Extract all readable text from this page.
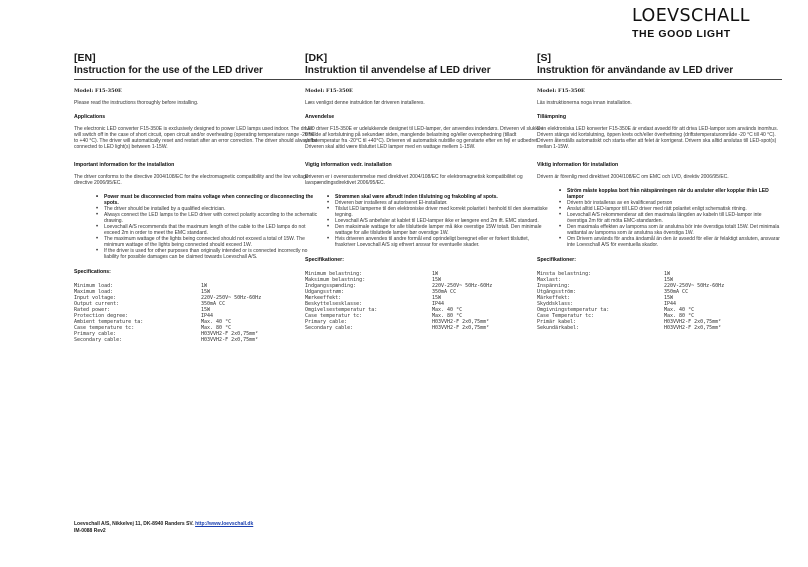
LOEVSCHALL
THE GOOD LIGHT
[EN]
Instruction for the use of the LED driver
Model: F15-350E
Please read the instructions thoroughly before installing.
Applications
The electronic LED converter F15-350E is exclusively designed to power LED lamps used indoor. The driver will switch off in the case of short circuit, open circuit and/or overheating (operating temperature range -20 °C to +40 °C). The driver will automatically reset and restart after an error correction. The driver should always be connected to LED light(s) between 1-15W.
Important information for the installation
The driver conforms to the directive 2004/108/EC for the electromagnetic compatibility and the low voltage directive 2006/95/EC.
• Power must be disconnected from mains voltage when connecting or disconnecting the spots.
• The driver should be installed by a qualified electrician.
• Always connect the LED lamps to the LED driver with correct polarity according to the schematic drawing.
• Loevschall A/S recommends that the maximum length of the cable to the LED lamps do not exceed 2m in order to meet the EMC standard.
• The maximum wattage of the lights being connected should not exceed a total of 15W. The minimum wattage of the lights being connected should exceed 1W.
• If the driver is used for other purposes than originally intended or is connected incorrectly no liability for possible damages can be claimed towards Loevschall A/S.
Specifications:
Minimum load:	1W
Maximum load:	15W
Input voltage:	220V-250V~ 50Hz-60Hz
Output current:	350mA CC
Rated power:	15W
Protection degree:	IP44
Ambient temperature ta:	Max. 40 °C
Case temperature tc:	Max. 80 °C
Primary cable:	H03VVH2-F 2x0,75mm²
Secondary cable:	H03VVH2-F 2x0,75mm²
[DK]
Instruktion til anvendelse af LED driver
Model: F15-350E
Læs venligst denne instruktion før driveren installeres.
Anvendelse
LED driver F15-350E er udelukkende designet til LED-lamper, der anvendes indendørs. Driveren vil slukke i tilfælde af kortslutning på sekundær siden, manglende belastning og/eller overophedning (tilladt driftstemperatur fra -20°C til +40°C). Driveren vil automatisk nulstille og genstarte efter en fejl er udbedret. Driveren skal altid være tilsluttet LED lamper med en wattage mellem 1-15W.
Vigtig information vedr. installation
Driveren er i overensstemmelse med direktivet 2004/108/EC for elektromagnetisk kompatibilitet og lavspændingsdirektivet 2006/95/EC.
• Strømmen skal være afbrudt inden tilslutning og frakobling af spots.
• Driveren bør installeres af autoriseret El-installatør.
• Tilslut LED lamperne til den elektroniske driver med korrekt polaritet i henhold til den skematiske tegning.
• Loevschall A/S anbefaler at kablet til LED-lamper ikke er længere end 2m ift. EMC standard.
• Den maksimale wattage for alle tilsluttede lamper må ikke overstige 15W totalt. Den minimale wattage for alle tilsluttede lamper bør overstige 1W.
• Hvis driveren anvendes til andre formål end oprindeligt beregnet eller er forkert tilsluttet, fraskriver Loevschall A/S sig ethvert ansvar for eventuelle skader.
Specifikationer:
Minimum belastning:	1W
Maksimum belastning:	15W
Indgangsspænding:	220V-250V~ 50Hz-60Hz
Udgangsstrøm:	350mA CC
Mærkeeffekt:	15W
Beskyttelsesklasse:	IP44
Omgivelsestemperatur ta:	Max. 40 °C
Case temperatur tc:	Max. 80 °C
Primary cable:	H03VVH2-F 2x0,75mm²
Secondary cable:	H03VVH2-F 2x0,75mm²
[S]
Instruktion för användande av LED driver
Model: F15-350E
Läs instruktionerna noga innan installation.
Tillämpning
Den elektroniska LED konverter F15-350E är endast avsedd för att driva LED-lampor som används inomhus. Drivern stängs vid kortslutning, öppen krets och/eller överhettning (driftstemperaturområde -20 °C till 40 °C). Drivern återställs automatiskt och starta efter att felet är korrigerat. Drivern ska alltid anslutas till LED-spot(s) mellan 1-15W.
Viktig information för installation
Drivern är förenlig med direktivet 2004/108/EC om EMC och LVD, direktiv 2006/95/EC.
• Ström måste kopplas bort från nätspänningen när du ansluter eller kopplar ifrån LED lampor
• Drivern bör installeras av en kvalificerad person
• Anslut alltid LED-lampor till LED driver med rätt polaritet enligt schematisk ritning.
• Loevschall A/S rekommenderar att den maximala längden av kabeln till LED-lampor inte överstiga 2m för att möta EMC-standarden.
• Den maximala effekten av lamporna som är anslutna bör inte överstiga totalt 15W. Det minimala wattantal av lamporna som är anslutna ska överstiga 1W.
• Om Drivern används för andra ändamål än den är avsedd för eller är felaktigt ansluten, ansvarar inte Loevschall A/S för eventuella skador.
Specifikationer:
Minsta belastning:	1W
Maxlast:	15W
Inspänning:	220V-250V~ 50Hz-60Hz
Utgångsström:	350mA CC
Märkeffekt:	15W
Skyddsklass:	IP44
Omgivningstemperatur ta:	Max. 40 °C
Case Temperatur tc:	Max. 80 °C
Primär kabel:	H03VVH2-F 2x0,75mm²
Sekundärkabel:	H03VVH2-F 2x0,75mm²
Loevschall A/S, Nikkelvej 11, DK-8940 Randers SV. http://www.loevschall.dk
IM-0088 Rev2
